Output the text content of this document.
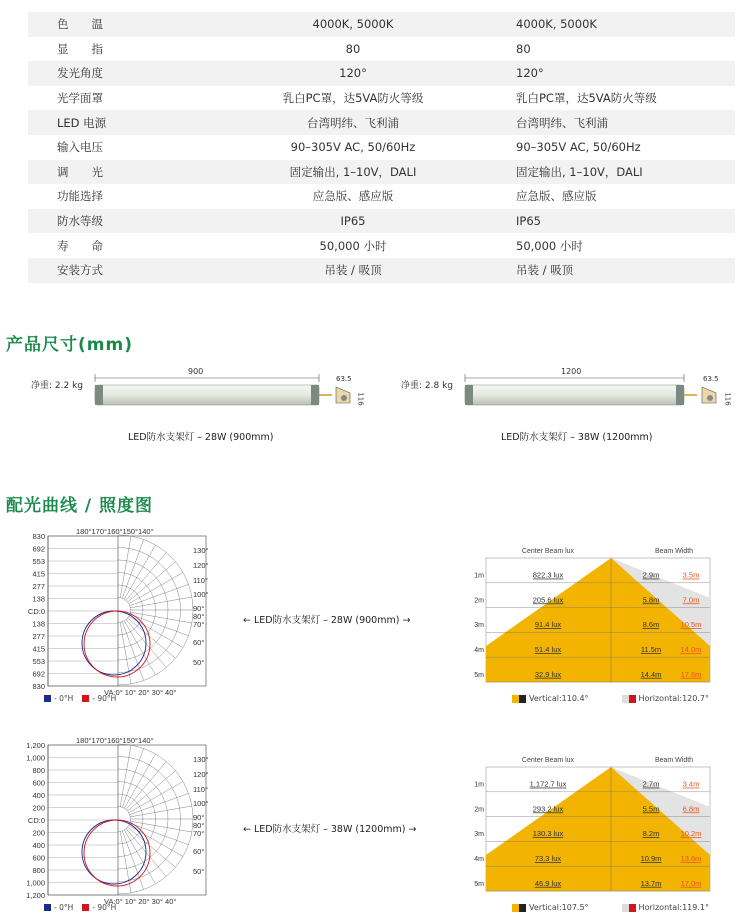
色　　温	4000K, 5000K	4000K, 5000K
显　　指	80	80
发光角度	120°	120°
光学面罩	乳白PC罩，达5VA防火等级	乳白PC罩，达5VA防火等级
LED 电源	台湾明纬、飞利浦	台湾明纬、飞利浦
输入电压	90–305V AC, 50/60Hz	90–305V AC, 50/60Hz
调　　光	固定输出, 1–10V，DALI	固定输出, 1–10V，DALI
功能选择	应急版、感应版	应急版、感应版
防水等级	IP65	IP65
寿　　命	50,000 小时	50,000 小时
安装方式	吊装 / 吸顶	吊装 / 吸顶
产品尺寸(mm)
净重: 2.2 kg
900
63.5
116
LED防水支架灯 – 28W (900mm)
净重: 2.8 kg
1200
63.5
116
LED防水支架灯 – 38W (1200mm)
配光曲线 / 照度图
830
692
553
415
277
138
CD:0
138
277
415
553
692
830
180°170°160°150°140°
130°
120°
110°
100°
90°
80°
70°
60°
50°
VA:0° 10° 20° 30° 40°
- 0°H	- 90°H
← LED防水支架灯 – 28W (900mm) →
Center Beam lux	Beam Width
1m	822.3 lux	2.9m	3.5m
2m	205.6 lux	5.8m	7.0m
3m	91.4 lux	8.6m	10.5m
4m	51.4 lux	11.5m	14.0m
5m	32.9 lux	14.4m	17.6m
Vertical:110.4°	Horizontal:120.7°
1,200
1,000
800
600
400
200
CD:0
200
400
600
800
1,000
1,200
180°170°160°150°140°
130°
120°
110°
100°
90°
80°
70°
60°
50°
VA:0° 10° 20° 30° 40°
- 0°H	- 90°H
← LED防水支架灯 – 38W (1200mm) →
Center Beam lux	Beam Width
1m	1,172.7 lux	2.7m	3.4m
2m	293.2 lux	5.5m	6.8m
3m	130.3 lux	8.2m	10.2m
4m	73.3 lux	10.9m	13.6m
5m	46.9 lux	13.7m	17.0m
Vertical:107.5°	Horizontal:119.1°
